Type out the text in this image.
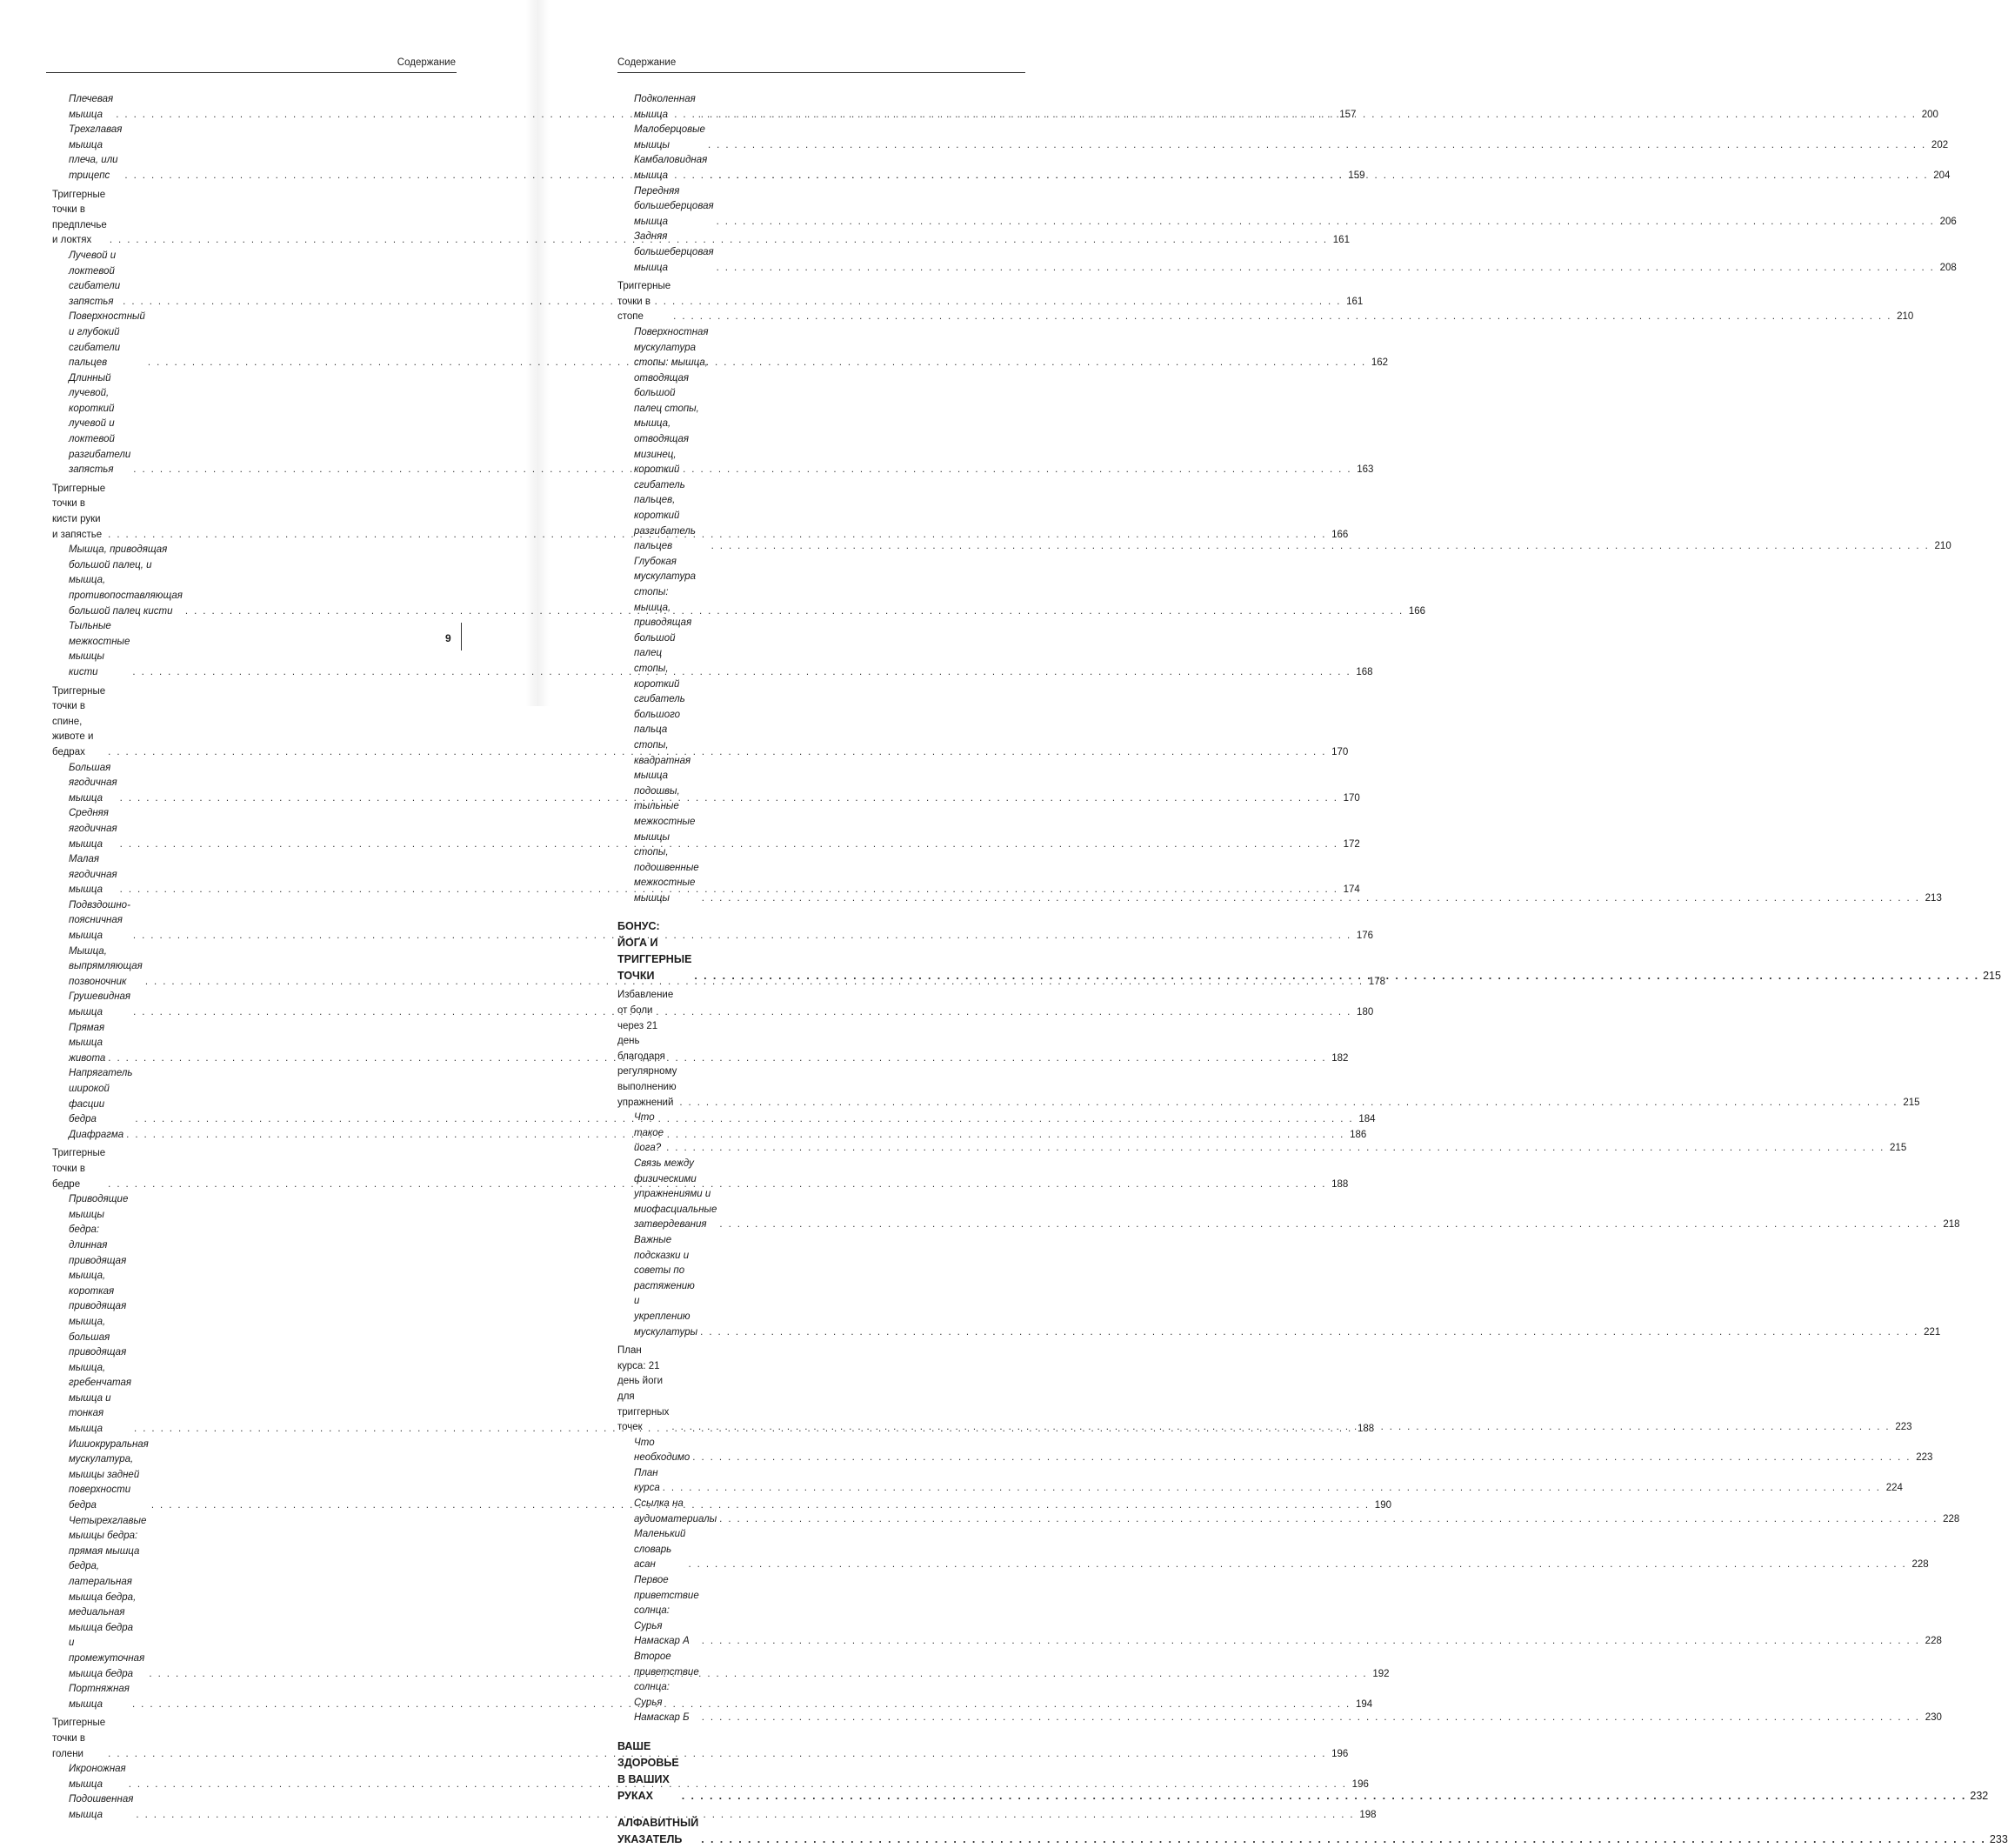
Содержание
Плечевая мышца . . .	157
Трехглавая мышца плеча, или трицепс . . .	159
Триггерные точки в предплечье и локтях . . .	161
Лучевой и локтевой сгибатели запястья . . .	161
Поверхностный и глубокий сгибатели пальцев . . .	162
Длинный лучевой, короткий лучевой и локтевой разгибатели
запястья . . .	163
Триггерные точки в кисти руки и запястье . . .	166
Мышца, приводящая большой палец, и мышца,
противопоставляющая большой палец кисти . . .	166
Тыльные межкостные мышцы кисти . . .	168
Триггерные точки в спине, животе и бедрах . . .	170
Большая ягодичная мышца . . .	170
Средняя ягодичная мышца . . .	172
Малая ягодичная мышца . . .	174
Подвздошно-поясничная мышца . . .	176
Мышца, выпрямляющая позвоночник . . .	178
Грушевидная мышца . . .	180
Прямая мышца живота . . .	182
Напрягатель широкой фасции бедра . . .	184
Диафрагма . . .	186
Триггерные точки в бедре . . .	188
Приводящие мышцы бедра: длинная приводящая мышца,
короткая приводящая мышца, большая приводящая мышца,
гребенчатая мышца и тонкая мышца . . .	188
Ишиокруральная мускулатура, мышцы задней поверхности бедра . . .	190
Четырехглавые мышцы бедра: прямая мышца бедра,
латеральная мышца бедра, медиальная мышца бедра
и промежуточная мышца бедра . . .	192
Портняжная мышца . . .	194
Триггерные точки в голени . . .	196
Икроножная мышца . . .	196
Подошвенная мышца . . .	198
9
Содержание
Подколенная мышца . . .	200
Малоберцовые мышцы . . .	202
Камбаловидная мышца . . .	204
Передняя большеберцовая мышца . . .	206
Задняя большеберцовая мышца . . .	208
Триггерные точки в стопе . . .	210
Поверхностная мускулатура стопы: мышца, отводящая большой
палец стопы, мышца, отводящая мизинец, короткий сгибатель
пальцев, короткий разгибатель пальцев . . .	210
Глубокая мускулатура стопы: мышца, приводящая большой палец
стопы, короткий сгибатель большого пальца стопы, квадратная
мышца подошвы, тыльные межкостные мышцы стопы,
подошвенные межкостные мышцы . . .	213
БОНУС: ЙОГА И ТРИГГЕРНЫЕ ТОЧКИ . . .	215
Избавление от боли через 21 день благодаря регулярному
выполнению упражнений . . .	215
Что такое йога? . . .	215
Связь между физическими упражнениями и миофасциальные
затвердевания . . .	218
Важные подсказки и советы по растяжению и укреплению
мускулатуры . . .	221
План курса: 21 день йоги для триггерных точек . . .	223
Что необходимо . . .	223
План курса . . .	224
Ссылка на аудиоматериалы . . .	228
Маленький словарь асан . . .	228
Первое приветствие солнца: Сурья Намаскар А . . .	228
Второе приветствие солнца: Сурья Намаскар Б . . .	230
ВАШЕ ЗДОРОВЬЕ В ВАШИХ РУКАХ . . .	232
АЛФАВИТНЫЙ УКАЗАТЕЛЬ . . .	233
